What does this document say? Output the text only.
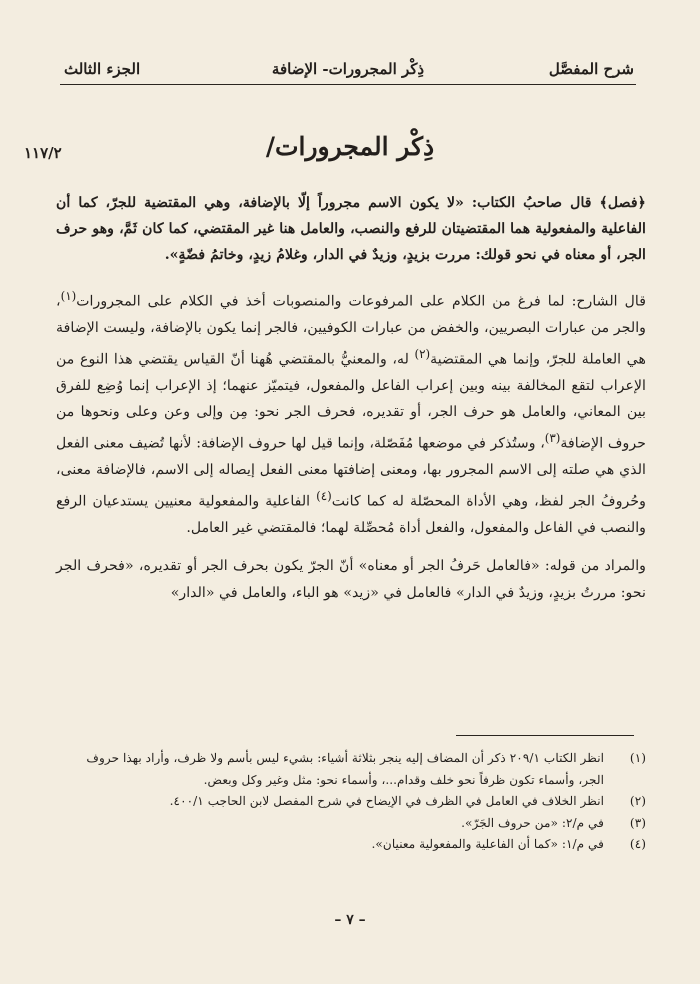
شرح المفصَّل
ذِكْر المجرورات- الإضافة
الجزء الثالث
١١٧/٢	ذِكْر المجرورات/

﴿فصل﴾ قال صاحبُ الكتاب: «لا يكون الاسم مجروراً إلّا بالإضافة، وهي المقتضية للجرّ، كما أن الفاعلية والمفعولية هما المقتضيتان للرفع والنصب، والعامل هنا غير المقتضي، كما كان ثَمَّ، وهو حرف الجر، أو معناه في نحو قولك: مررت بزيدٍ، وزيدٌ في الدار، وغلامُ زيدٍ، وخاتمُ فضّةٍ».

قال الشارح: لما فرغ من الكلام على المرفوعات والمنصوبات أخذ في الكلام على المجرورات$^{(١)}$، والجر من عبارات البصريين، والخفض من عبارات الكوفيين، فالجر إنما يكون بالإضافة، وليست الإضافة هي العاملة للجرّ، وإنما هي المقتضية$^{(٢)}$ له، والمعنيُّ بالمقتضي هُهنا أنّ القياس يقتضي هذا النوع من الإعراب لتقع المخالفة بينه وبين إعراب الفاعل والمفعول، فيتميّز عنهما؛ إذ الإعراب إنما وُضِع للفرق بين المعاني، والعامل هو حرف الجر، أو تقديره، فحرف الجر نحو: مِن وإلى وعن وعلى ونحوها من حروف الإضافة$^{(٣)}$، وستُذكر في موضعها مُفَصّلة، وإنما قيل لها حروف الإضافة: لأنها تُضيف معنى الفعل الذي هي صلته إلى الاسم المجرور بها، ومعنى إضافتها معنى الفعل إيصاله إلى الاسم، فالإضافة معنى، وحُروفُ الجر لفظ، وهي الأداة المحصّلة له كما كانت$^{(٤)}$ الفاعلية والمفعولية معنيين يستدعيان الرفع والنصب في الفاعل والمفعول، والفعل أداة مُحصِّلة لهما؛ فالمقتضي غير العامل.

والمراد من قوله: «فالعامل حَرفُ الجر أو معناه» أنّ الجرّ يكون بحرف الجر أو تقديره، «فحرف الجر نحو: مررتُ بزيدٍ، وزيدٌ في الدار» فالعامل في «زيد» هو الباء، والعامل في «الدار»

(١)
انظر الكتاب ٢٠٩/١ ذكر أن المضاف إليه ينجر بثلاثة أشياء: بشيء ليس بأسم ولا ظرف، وأراد بهذا حروف الجر، وأسماء تكون ظرفاً نحو خلف وقدام...، وأسماء نحو: مثل وغير وكل وبعض.
(٢)
انظر الخلاف في العامل في الظرف في الإيضاح في شرح المفصل لابن الحاجب ٤٠٠/١.
(٣)
في م/٢: «من حروف الجَرّ».
(٤)
في م/١: «كما أن الفاعلية والمفعولية معنيان».
– ٧ –
